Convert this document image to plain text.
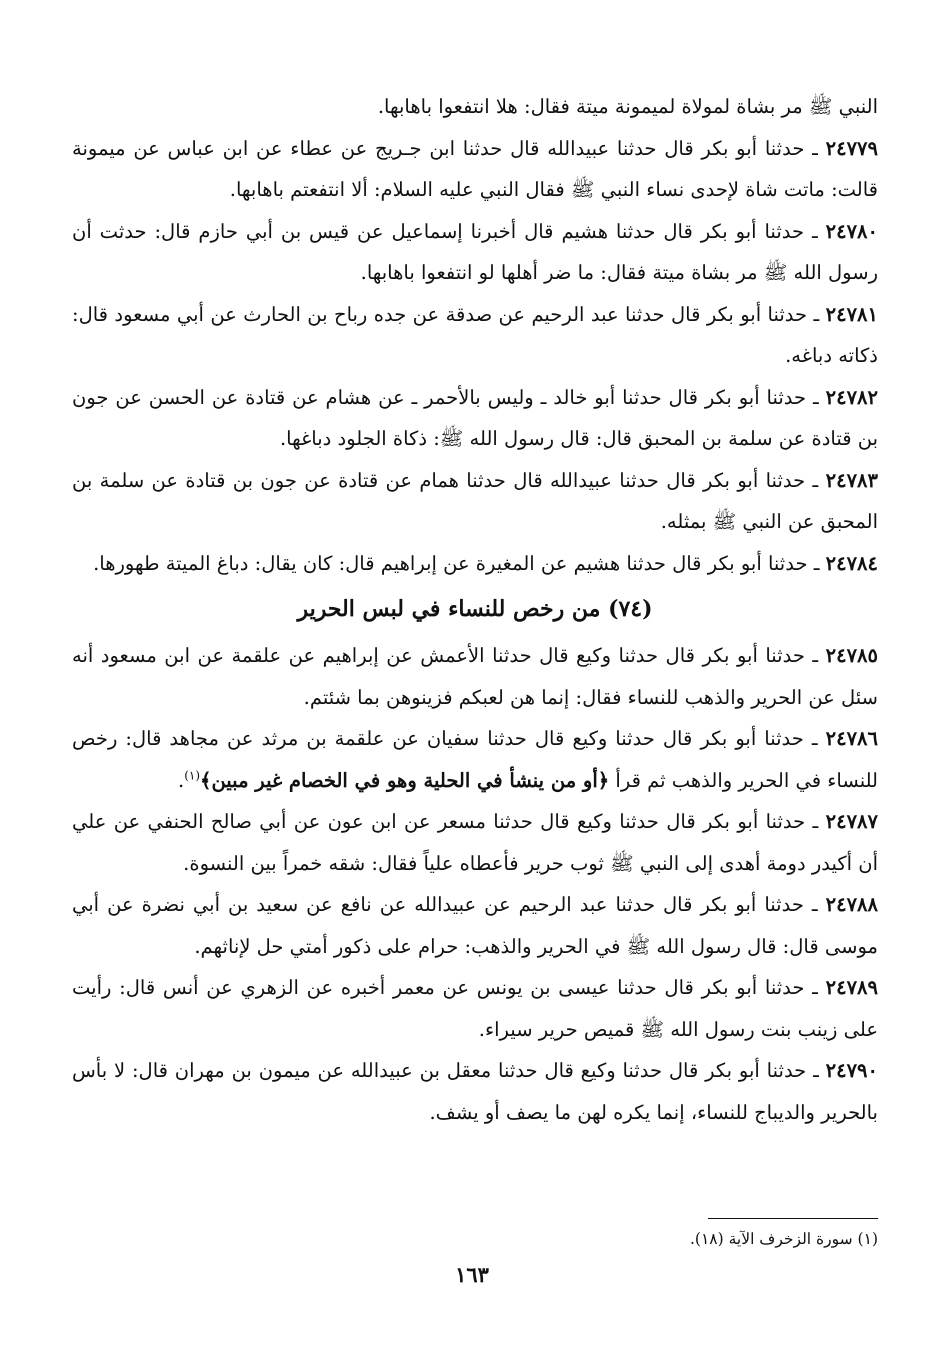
النبي ﷺ مر بشاة لمولاة لميمونة ميتة فقال: هلا انتفعوا باهابها.

٢٤٧٧٩ ـ حدثنا أبو بكر قال حدثنا عبيدالله قال حدثنا ابن جـريج عن عطاء عن ابن عباس عن ميمونة قالت: ماتت شاة لإحدى نساء النبي ﷺ فقال النبي عليه السلام: ألا انتفعتم باهابها.

٢٤٧٨٠ ـ حدثنا أبو بكر قال حدثنا هشيم قال أخبرنا إسماعيل عن قيس بن أبي حازم قال: حدثت أن رسول الله ﷺ مر بشاة ميتة فقال: ما ضر أهلها لو انتفعوا باهابها.

٢٤٧٨١ ـ حدثنا أبو بكر قال حدثنا عبد الرحيم عن صدقة عن جده رباح بن الحارث عن أبي مسعود قال: ذكاته دباغه.

٢٤٧٨٢ ـ حدثنا أبو بكر قال حدثنا أبو خالد ـ وليس بالأحمر ـ عن هشام عن قتادة عن الحسن عن جون بن قتادة عن سلمة بن المحبق قال: قال رسول الله ﷺ: ذكاة الجلود دباغها.

٢٤٧٨٣ ـ حدثنا أبو بكر قال حدثنا عبيدالله قال حدثنا همام عن قتادة عن جون بن قتادة عن سلمة بن المحبق عن النبي ﷺ بمثله.

٢٤٧٨٤ ـ حدثنا أبو بكر قال حدثنا هشيم عن المغيرة عن إبراهيم قال: كان يقال: دباغ الميتة طهورها.

(٧٤) من رخص للنساء في لبس الحرير

٢٤٧٨٥ ـ حدثنا أبو بكر قال حدثنا وكيع قال حدثنا الأعمش عن إبراهيم عن علقمة عن ابن مسعود أنه سئل عن الحرير والذهب للنساء فقال: إنما هن لعبكم فزينوهن بما شئتم.

٢٤٧٨٦ ـ حدثنا أبو بكر قال حدثنا وكيع قال حدثنا سفيان عن علقمة بن مرثد عن مجاهد قال: رخص للنساء في الحرير والذهب ثم قرأ ﴿أو من ينشأ في الحلية وهو في الخصام غير مبين﴾$^{(١)}$.

٢٤٧٨٧ ـ حدثنا أبو بكر قال حدثنا وكيع قال حدثنا مسعر عن ابن عون عن أبي صالح الحنفي عن علي أن أكيدر دومة أهدى إلى النبي ﷺ ثوب حرير فأعطاه علياً فقال: شقه خمراً بين النسوة.

٢٤٧٨٨ ـ حدثنا أبو بكر قال حدثنا عبد الرحيم عن عبيدالله عن نافع عن سعيد بن أبي نضرة عن أبي موسى قال: قال رسول الله ﷺ في الحرير والذهب: حرام على ذكور أمتي حل لإناثهم.

٢٤٧٨٩ ـ حدثنا أبو بكر قال حدثنا عيسى بن يونس عن معمر أخبره عن الزهري عن أنس قال: رأيت على زينب بنت رسول الله ﷺ قميص حرير سيراء.

٢٤٧٩٠ ـ حدثنا أبو بكر قال حدثنا وكيع قال حدثنا معقل بن عبيدالله عن ميمون بن مهران قال: لا بأس بالحرير والديباج للنساء، إنما يكره لهن ما يصف أو يشف.

(١) سورة الزخرف الآية (١٨).
١٦٣
